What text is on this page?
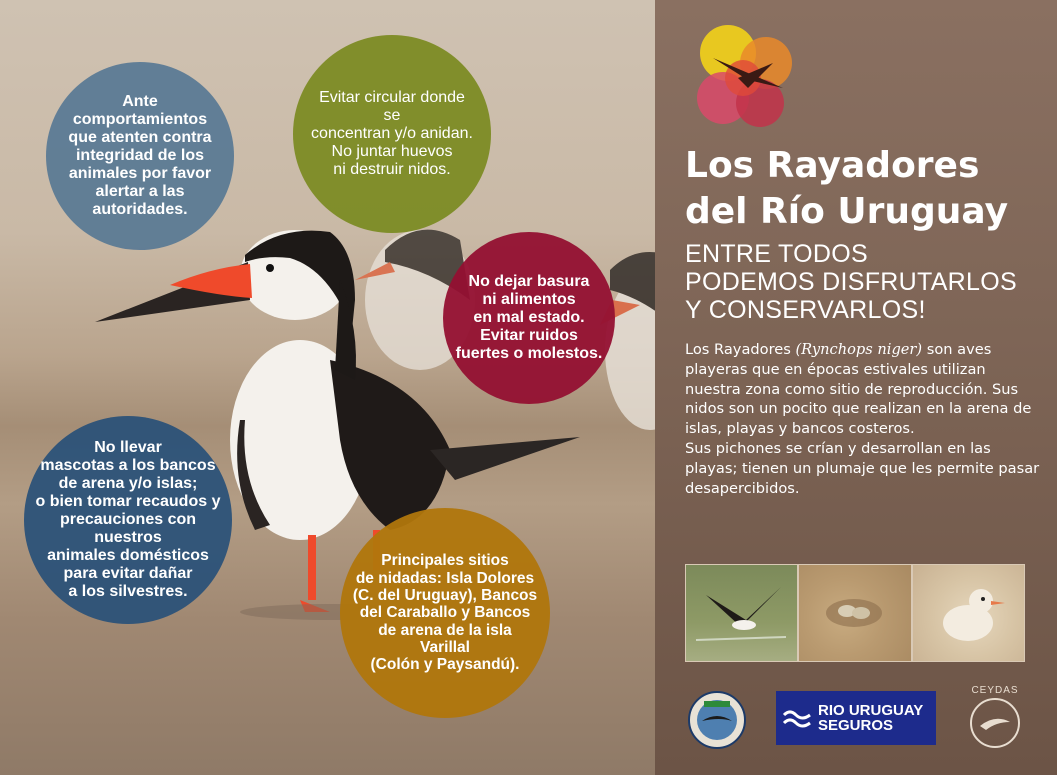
Ante
comportamientos
que atenten contra
integridad de los
animales por favor
alertar a las
autoridades.

Evitar circular donde se
concentran y/o anidan.
No juntar huevos
ni destruir nidos.

No dejar basura
ni alimentos
en mal estado.
Evitar ruidos
fuertes o molestos.

No llevar
mascotas a los bancos
de arena y/o islas;
o bien tomar recaudos y
precauciones con nuestros
animales domésticos
para evitar dañar
a los silvestres.

Principales sitios
de nidadas: Isla Dolores
(C. del Uruguay), Bancos
del Caraballo y Bancos
de arena de la isla Varillal
(Colón y Paysandú).

Los Rayadores
del Río Uruguay
ENTRE TODOS
PODEMOS DISFRUTARLOS
Y CONSERVARLOS!
Los Rayadores (Rynchops niger) son aves playeras que en épocas estivales utilizan nuestra zona como sitio de reproducción. Sus nidos son un pocito que realizan en la arena de islas, playas y bancos costeros.
Sus pichones se crían y desarrollan en las playas; tienen un plumaje que les permite pasar desapercibidos.
RIO URUGUAY
SEGUROS
CEYDAS
